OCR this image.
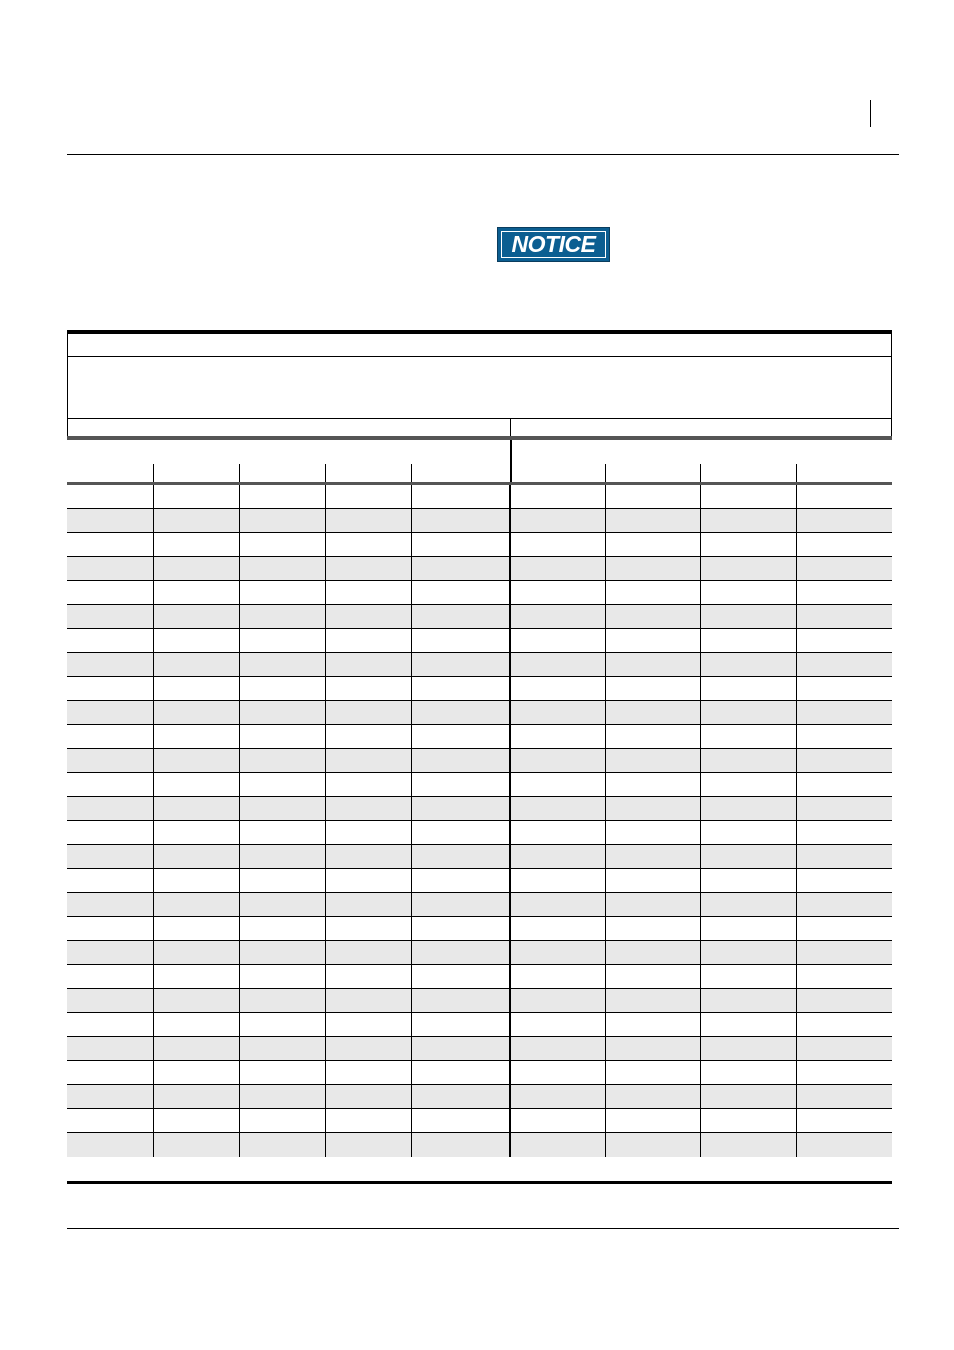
NOTICE
